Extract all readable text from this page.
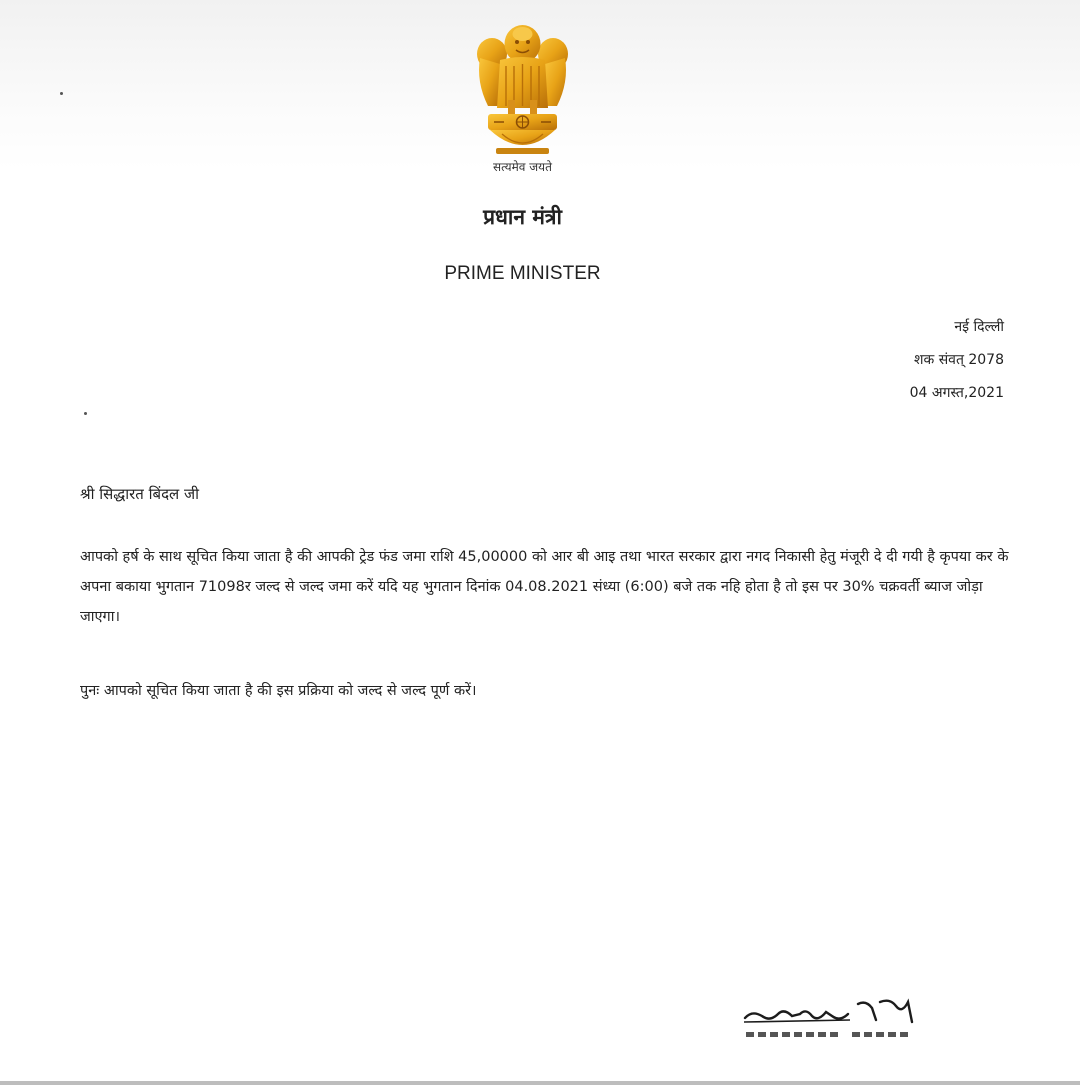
सत्यमेव जयते
प्रधान मंत्री
PRIME MINISTER
नई दिल्ली
शक संवत् 2078
04 अगस्त,2021
श्री सिद्धारत बिंदल जी
आपको हर्ष के साथ सूचित किया जाता है की आपकी ट्रेड फंड जमा राशि 45,00000 को आर बी आइ तथा भारत सरकार द्वारा नगद निकासी हेतु मंजूरी दे दी गयी है कृपया कर के अपना बकाया भुगतान 71098र जल्द से जल्द जमा करें यदि यह भुगतान दिनांक 04.08.2021 संध्या (6:00) बजे तक नहि होता है तो इस पर 30% चक्रवर्ती ब्याज जोड़ा जाएगा।
पुनः आपको सूचित किया जाता है की इस प्रक्रिया को जल्द से जल्द पूर्ण करें।
